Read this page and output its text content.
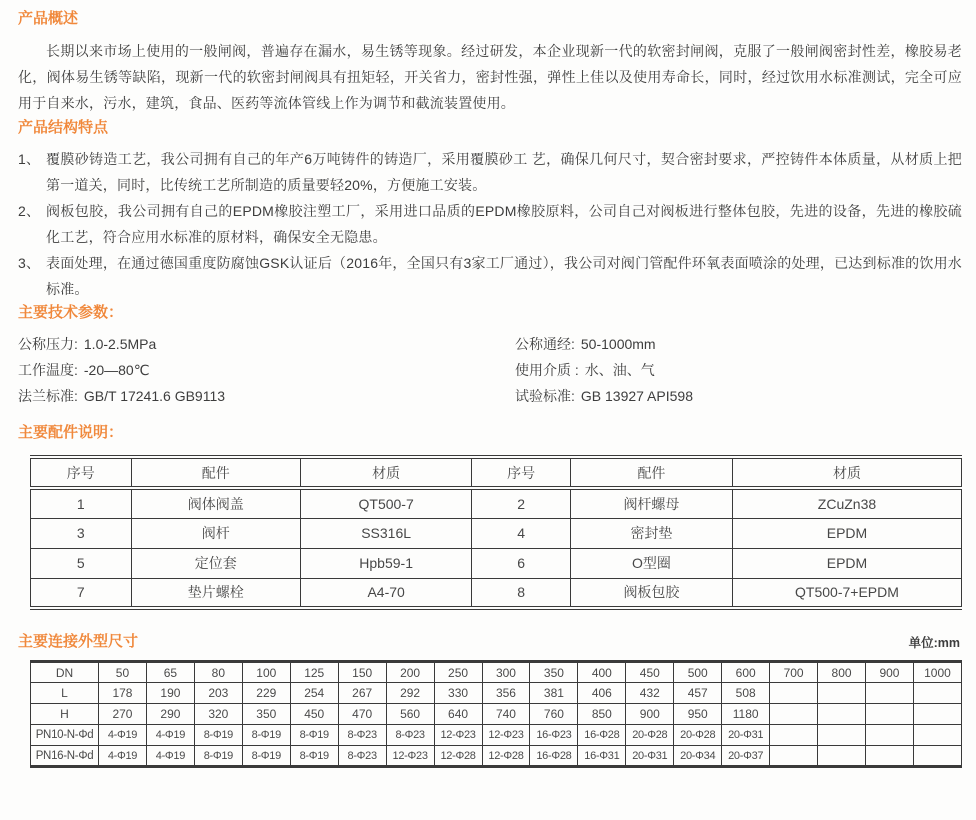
产品概述
长期以来市场上使用的一般闸阀，普遍存在漏水，易生锈等现象。经过研发，本企业现新一代的软密封闸阀，克服了一般闸阀密封性差，橡胶易老化，阀体易生锈等缺陷，现新一代的软密封闸阀具有扭矩轻，开关省力，密封性强，弹性上佳以及使用寿命长，同时，经过饮用水标准测试，完全可应用于自来水，污水，建筑，食品、医药等流体管线上作为调节和截流装置使用。
产品结构特点
1、 覆膜砂铸造工艺，我公司拥有自己的年产6万吨铸件的铸造厂，采用覆膜砂工 艺，确保几何尺寸，契合密封要求，严控铸件本体质量，从材质上把第一道关，同时，比传统工艺所制造的质量要轻20%，方便施工安装。
2、 阀板包胶，我公司拥有自己的EPDM橡胶注塑工厂，采用进口品质的EPDM橡胶原料，公司自己对阀板进行整体包胶，先进的设备，先进的橡胶硫化工艺，符合应用水标准的原材料，确保安全无隐患。
3、 表面处理，在通过德国重度防腐蚀GSK认证后（2016年，全国只有3家工厂通过），我公司对阀门管配件环氧表面喷涂的处理，已达到标准的饮用水标准。
主要技术参数：
公称压力: 1.0-2.5MPa
工作温度: -20—80℃
法兰标准: GB/T 17241.6 GB9113
公称通经: 50-1000mm
使用介质 : 水、油、气
试验标准: GB 13927 API598
主要配件说明：
序号	配件	材质	序号	配件	材质
1	阀体阀盖	QT500-7	2	阀杆螺母	ZCuZn38
3	阀杆	SS316L	4	密封垫	EPDM
5	定位套	Hpb59-1	6	O型圈	EPDM
7	垫片螺栓	A4-70	8	阀板包胶	QT500-7+EPDM
主要连接外型尺寸	单位:mm
DN	50	65	80	100	125	150	200	250	300	350	400	450	500	600	700	800	900	1000
L	178	190	203	229	254	267	292	330	356	381	406	432	457	508				
H	270	290	320	350	450	470	560	640	740	760	850	900	950	1180				
PN10-N-Φd	4-Φ19	4-Φ19	8-Φ19	8-Φ19	8-Φ19	8-Φ23	8-Φ23	12-Φ23	12-Φ23	16-Φ23	16-Φ28	20-Φ28	20-Φ28	20-Φ31				
PN16-N-Φd	4-Φ19	4-Φ19	8-Φ19	8-Φ19	8-Φ19	8-Φ23	12-Φ23	12-Φ28	12-Φ28	16-Φ28	16-Φ31	20-Φ31	20-Φ34	20-Φ37				
